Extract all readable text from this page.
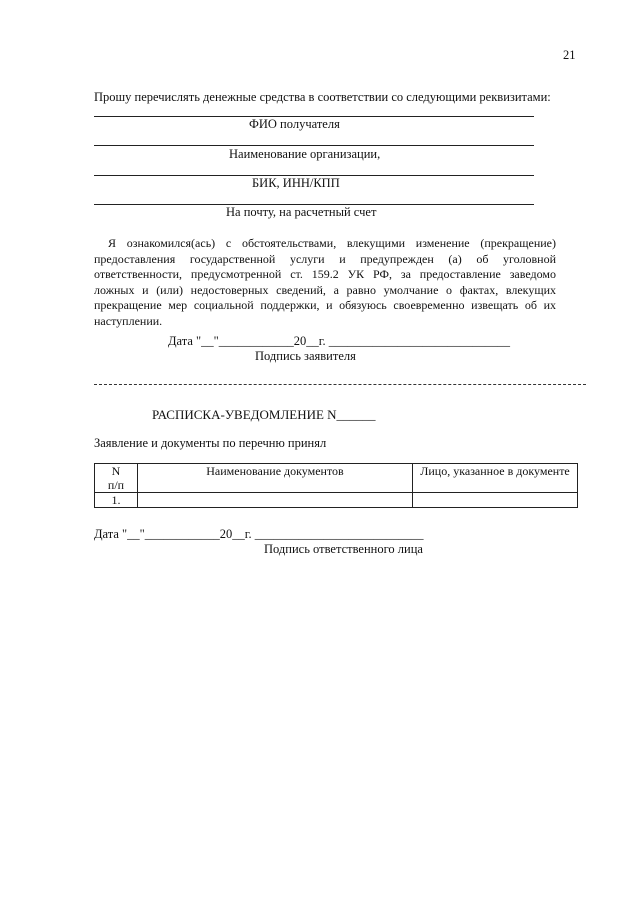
21
Прошу перечислять денежные средства в соответствии со следующими реквизитами:
ФИО получателя
Наименование организации,
БИК, ИНН/КПП
На почту, на расчетный счет
Я ознакомился(ась) с обстоятельствами, влекущими изменение (прекращение)
предоставления государственной услуги и предупрежден (а) об уголовной
ответственности, предусмотренной ст. 159.2 УК РФ, за предоставление заведомо
ложных и (или) недостоверных сведений, а равно умолчание о фактах, влекущих
прекращение мер социальной поддержки, и обязуюсь своевременно извещать об их
наступлении.
Дата "__"____________20__г. _____________________________
Подпись заявителя
РАСПИСКА-УВЕДОМЛЕНИЕ N______
Заявление и документы по перечню принял
N
п/п	Наименование документов	Лицо, указанное в документе
1.		
Дата "__"____________20__г. ___________________________
Подпись ответственного лица
